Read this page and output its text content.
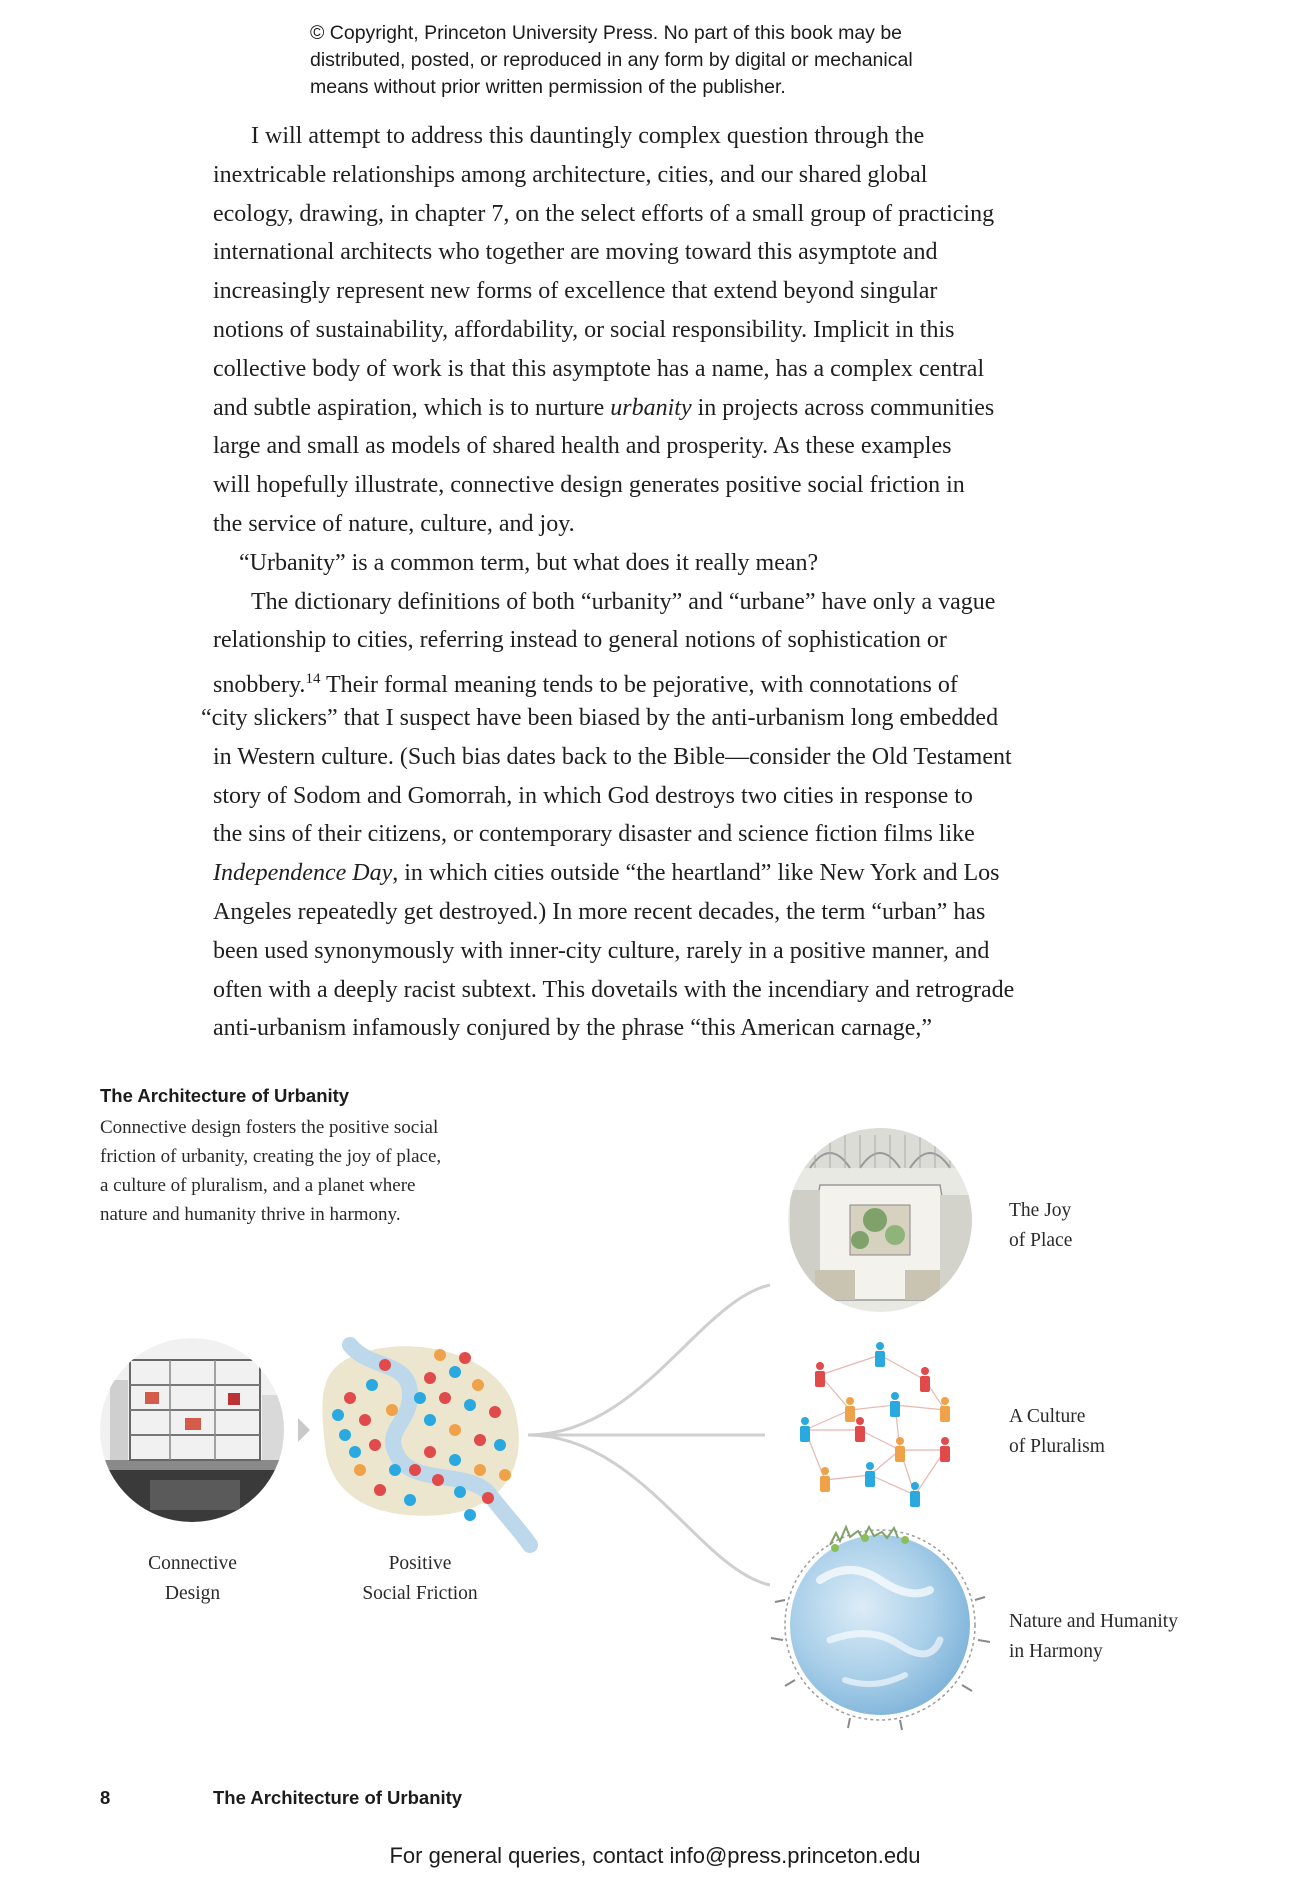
© Copyright, Princeton University Press. No part of this book may be
distributed, posted, or reproduced in any form by digital or mechanical
means without prior written permission of the publisher.
I will attempt to address this dauntingly complex question through the
inextricable relationships among architecture, cities, and our shared global
ecology, drawing, in chapter 7, on the select efforts of a small group of practicing
international architects who together are moving toward this asymptote and
increasingly represent new forms of excellence that extend beyond singular
notions of sustainability, affordability, or social responsibility. Implicit in this
collective body of work is that this asymptote has a name, has a complex central
and subtle aspiration, which is to nurture urbanity in projects across communities
large and small as models of shared health and prosperity. As these examples
will hopefully illustrate, connective design generates positive social friction in
the service of nature, culture, and joy.
“Urbanity” is a common term, but what does it really mean?
The dictionary definitions of both “urbanity” and “urbane” have only a vague
relationship to cities, referring instead to general notions of sophistication or
snobbery.$^{14}$ Their formal meaning tends to be pejorative, with connotations of
“city slickers” that I suspect have been biased by the anti-urbanism long embedded
in Western culture. (Such bias dates back to the Bible—consider the Old Testament
story of Sodom and Gomorrah, in which God destroys two cities in response to
the sins of their citizens, or contemporary disaster and science fiction films like
Independence Day, in which cities outside “the heartland” like New York and Los
Angeles repeatedly get destroyed.) In more recent decades, the term “urban” has
been used synonymously with inner-city culture, rarely in a positive manner, and
often with a deeply racist subtext. This dovetails with the incendiary and retrograde
anti-urbanism infamously conjured by the phrase “this American carnage,”
The Architecture of Urbanity
Connective design fosters the positive social
friction of urbanity, creating the joy of place,
a culture of pluralism, and a planet where
nature and humanity thrive in harmony.
Connective
Design
Positive
Social Friction
The Joy
of Place
A Culture
of Pluralism
Nature and Humanity
in Harmony
8	The Architecture of Urbanity
For general queries, contact info@press.princeton.edu
